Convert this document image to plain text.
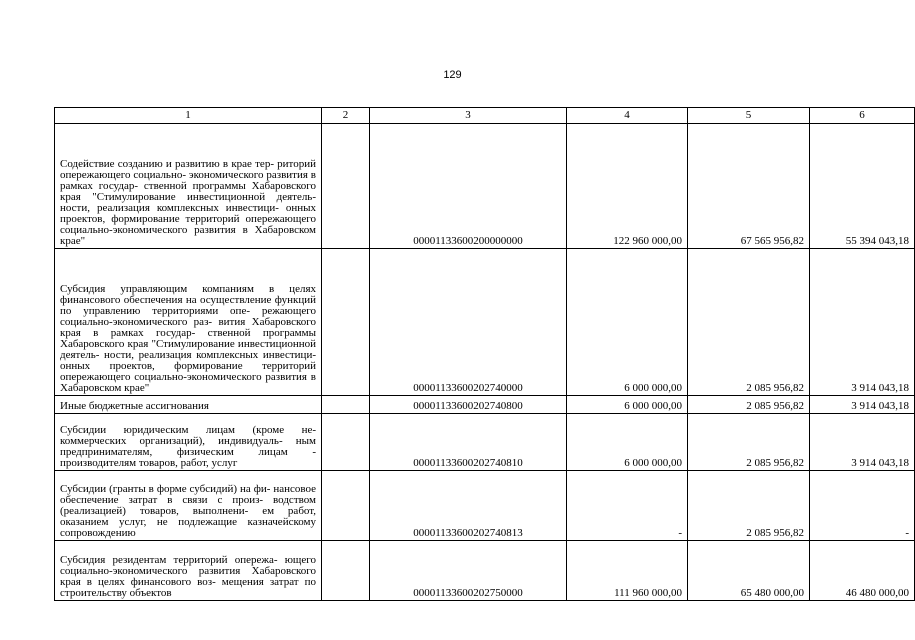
129
1	2	3	4	5	6
Содействие созданию и развитию в крае тер- риторий опережающего социально- экономического развития в рамках государ- ственной программы Хабаровского края "Стимулирование инвестиционной деятель- ности, реализация комплексных инвестици- онных проектов, формирование территорий опережающего социально-экономического развития в Хабаровском крае"		00001133600200000000	122 960 000,00	67 565 956,82	55 394 043,18
Субсидия управляющим компаниям в целях финансового обеспечения на осуществление функций по управлению территориями опе- режающего социально-экономического раз- вития Хабаровского края в рамках государ- ственной программы Хабаровского края "Стимулирование инвестиционной деятель- ности, реализация комплексных инвестици- онных проектов, формирование территорий опережающего социально-экономического развития в Хабаровском крае"		00001133600202740000	6 000 000,00	2 085 956,82	3 914 043,18
Иные бюджетные ассигнования		00001133600202740800	6 000 000,00	2 085 956,82	3 914 043,18
Субсидии юридическим лицам (кроме не- коммерческих организаций), индивидуаль- ным предпринимателям, физическим лицам - производителям товаров, работ, услуг		00001133600202740810	6 000 000,00	2 085 956,82	3 914 043,18
Субсидии (гранты в форме субсидий) на фи- нансовое обеспечение затрат в связи с произ- водством (реализацией) товаров, выполнени- ем работ, оказанием услуг, не подлежащие казначейскому сопровождению		00001133600202740813	-	2 085 956,82	-
Субсидия резидентам территорий опережа- ющего социально-экономического развития Хабаровского края в целях финансового воз- мещения затрат по строительству объектов		00001133600202750000	111 960 000,00	65 480 000,00	46 480 000,00
